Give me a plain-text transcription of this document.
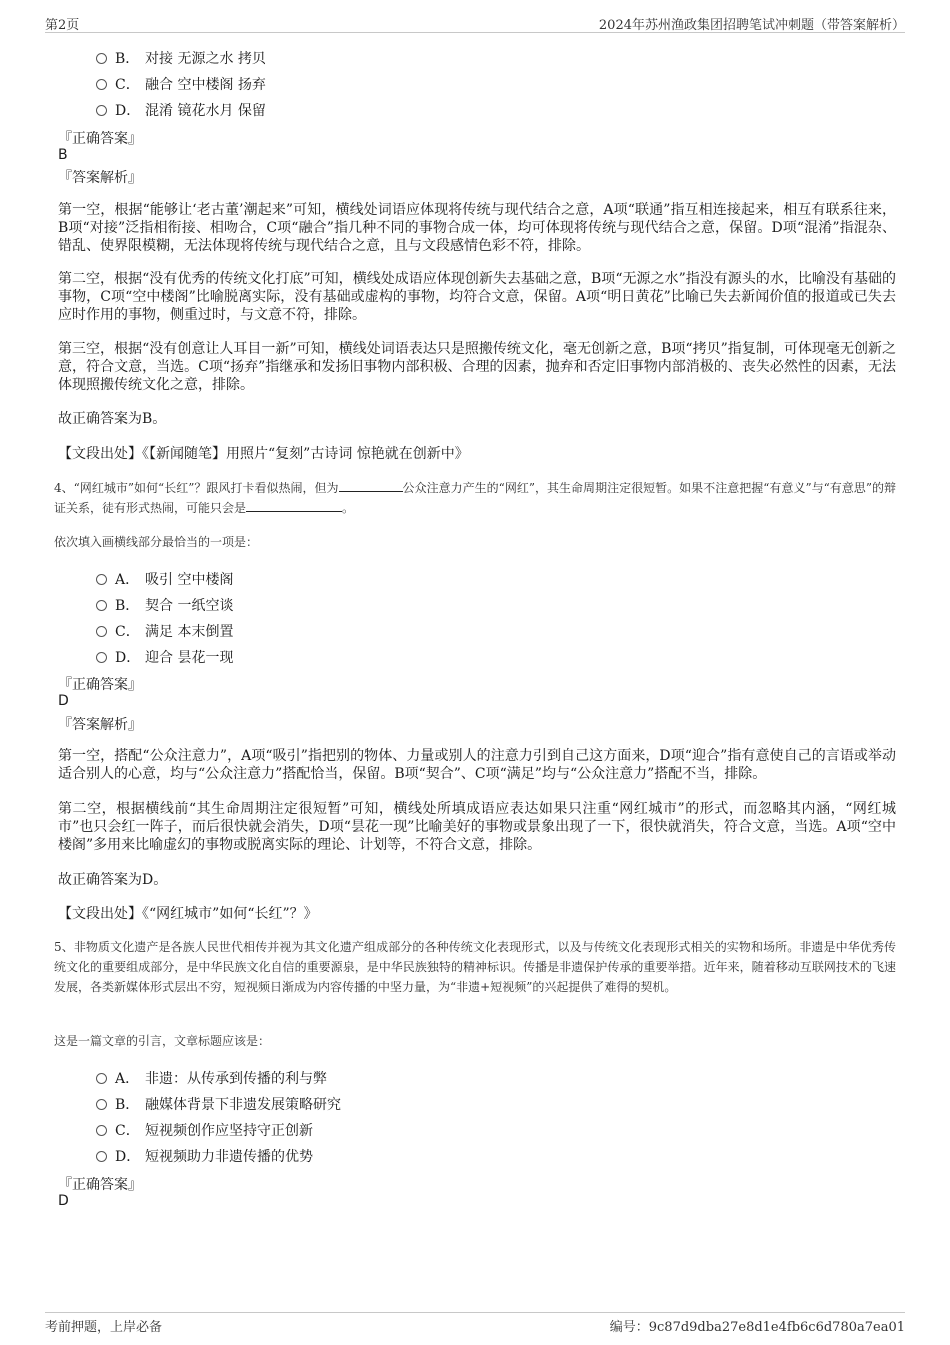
第2页	2024年苏州渔政集团招聘笔试冲刺题（带答案解析）
B． 对接 无源之水 拷贝
C． 融合 空中楼阁 扬弃
D． 混淆 镜花水月 保留
『正确答案』
B
『答案解析』
第一空，根据“能够让‘老古董’潮起来”可知，横线处词语应体现将传统与现代结合之意，A项“联通”指互相连接起来，相互有联系往来，B项“对接”泛指相衔接、相吻合，C项“融合”指几种不同的事物合成一体，均可体现将传统与现代结合之意，保留。D项“混淆”指混杂、错乱、使界限模糊，无法体现将传统与现代结合之意，且与文段感情色彩不符，排除。
第二空，根据“没有优秀的传统文化打底”可知，横线处成语应体现创新失去基础之意，B项“无源之水”指没有源头的水，比喻没有基础的事物，C项“空中楼阁”比喻脱离实际，没有基础或虚构的事物，均符合文意，保留。A项“明日黄花”比喻已失去新闻价值的报道或已失去应时作用的事物，侧重过时，与文意不符，排除。
第三空，根据“没有创意让人耳目一新”可知，横线处词语表达只是照搬传统文化，毫无创新之意，B项“拷贝”指复制，可体现毫无创新之意，符合文意，当选。C项“扬弃”指继承和发扬旧事物内部积极、合理的因素，抛弃和否定旧事物内部消极的、丧失必然性的因素，无法体现照搬传统文化之意，排除。
故正确答案为B。
【文段出处】《【新闻随笔】用照片“复刻”古诗词 惊艳就在创新中》
4、“网红城市”如何“长红”？跟风打卡看似热闹，但为	公众注意力产生的“网红”，其生命周期注定很短暂。如果不注意把握“有意义”与“有意思”的辩证关系，徒有形式热闹，可能只会是	。
依次填入画横线部分最恰当的一项是：
A． 吸引 空中楼阁
B． 契合 一纸空谈
C． 满足 本末倒置
D． 迎合 昙花一现
『正确答案』
D
『答案解析』
第一空，搭配“公众注意力”，A项“吸引”指把别的物体、力量或别人的注意力引到自己这方面来，D项“迎合”指有意使自己的言语或举动适合别人的心意，均与“公众注意力”搭配恰当，保留。B项“契合”、C项“满足”均与“公众注意力”搭配不当，排除。
第二空，根据横线前“其生命周期注定很短暂”可知，横线处所填成语应表达如果只注重“网红城市”的形式，而忽略其内涵，“网红城市”也只会红一阵子，而后很快就会消失，D项“昙花一现”比喻美好的事物或景象出现了一下，很快就消失，符合文意，当选。A项“空中楼阁”多用来比喻虚幻的事物或脱离实际的理论、计划等，不符合文意，排除。
故正确答案为D。
【文段出处】《“网红城市”如何“长红”？》
5、非物质文化遗产是各族人民世代相传并视为其文化遗产组成部分的各种传统文化表现形式，以及与传统文化表现形式相关的实物和场所。非遗是中华优秀传统文化的重要组成部分，是中华民族文化自信的重要源泉，是中华民族独特的精神标识。传播是非遗保护传承的重要举措。近年来，随着移动互联网技术的飞速发展，各类新媒体形式层出不穷，短视频日渐成为内容传播的中坚力量，为“非遗+短视频”的兴起提供了难得的契机。
这是一篇文章的引言，文章标题应该是：
A． 非遗：从传承到传播的利与弊
B． 融媒体背景下非遗发展策略研究
C． 短视频创作应坚持守正创新
D． 短视频助力非遗传播的优势
『正确答案』
D
考前押题，上岸必备	编号：9c87d9dba27e8d1e4fb6c6d780a7ea01
